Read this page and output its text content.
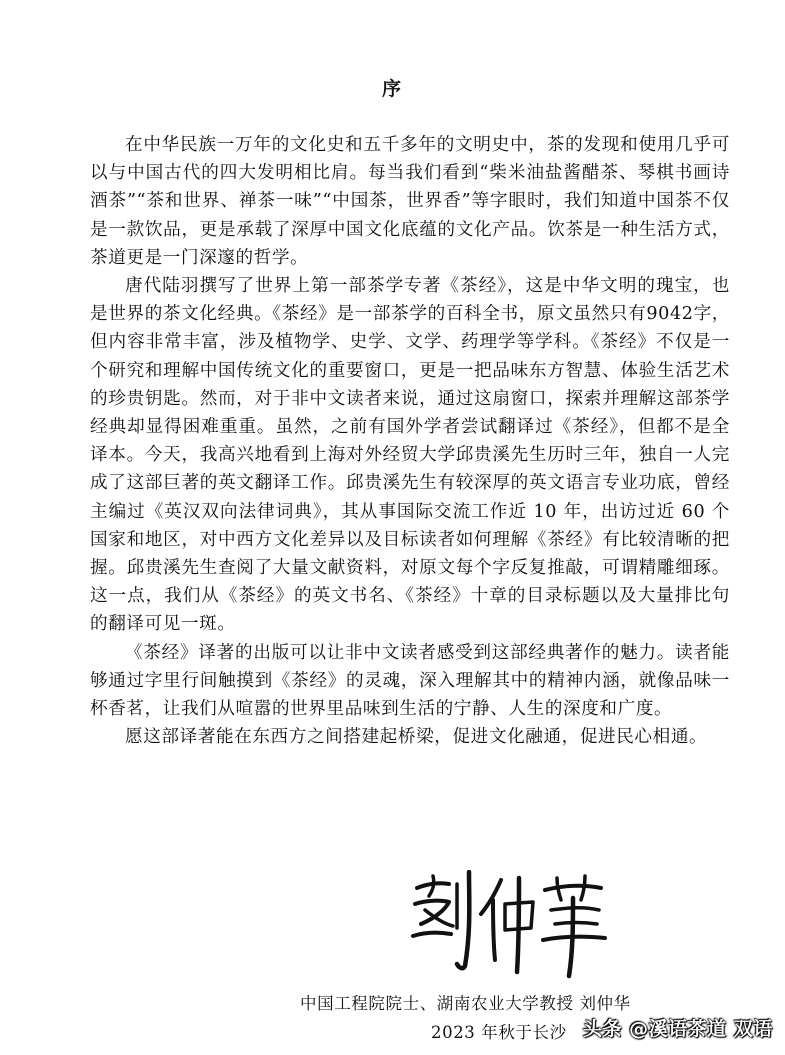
序

在中华民族一万年的文化史和五千多年的文明史中，茶的发现和使用几乎可以与中国古代的四大发明相比肩。每当我们看到“柴米油盐酱醋茶、琴棋书画诗酒茶”“茶和世界、禅茶一味”“中国茶，世界香”等字眼时，我们知道中国茶不仅是一款饮品，更是承载了深厚中国文化底蕴的文化产品。饮茶是一种生活方式，茶道更是一门深邃的哲学。

唐代陆羽撰写了世界上第一部茶学专著《茶经》，这是中华文明的瑰宝，也是世界的茶文化经典。《茶经》是一部茶学的百科全书，原文虽然只有9042字，但内容非常丰富，涉及植物学、史学、文学、药理学等学科。《茶经》不仅是一个研究和理解中国传统文化的重要窗口，更是一把品味东方智慧、体验生活艺术的珍贵钥匙。然而，对于非中文读者来说，通过这扇窗口，探索并理解这部茶学经典却显得困难重重。虽然，之前有国外学者尝试翻译过《茶经》，但都不是全译本。今天，我高兴地看到上海对外经贸大学邱贵溪先生历时三年，独自一人完成了这部巨著的英文翻译工作。邱贵溪先生有较深厚的英文语言专业功底，曾经主编过《英汉双向法律词典》，其从事国际交流工作近 10 年，出访过近 60 个国家和地区，对中西方文化差异以及目标读者如何理解《茶经》有比较清晰的把握。邱贵溪先生查阅了大量文献资料，对原文每个字反复推敲，可谓精雕细琢。这一点，我们从《茶经》的英文书名、《茶经》十章的目录标题以及大量排比句的翻译可见一斑。

《茶经》译著的出版可以让非中文读者感受到这部经典著作的魅力。读者能够通过字里行间触摸到《茶经》的灵魂，深入理解其中的精神内涵，就像品味一杯香茗，让我们从喧嚣的世界里品味到生活的宁静、人生的深度和广度。

愿这部译著能在东西方之间搭建起桥梁，促进文化融通，促进民心相通。

中国工程院院士、湖南农业大学教授 刘仲华
2023 年秋于长沙 头条 @溪语茶道 双语
